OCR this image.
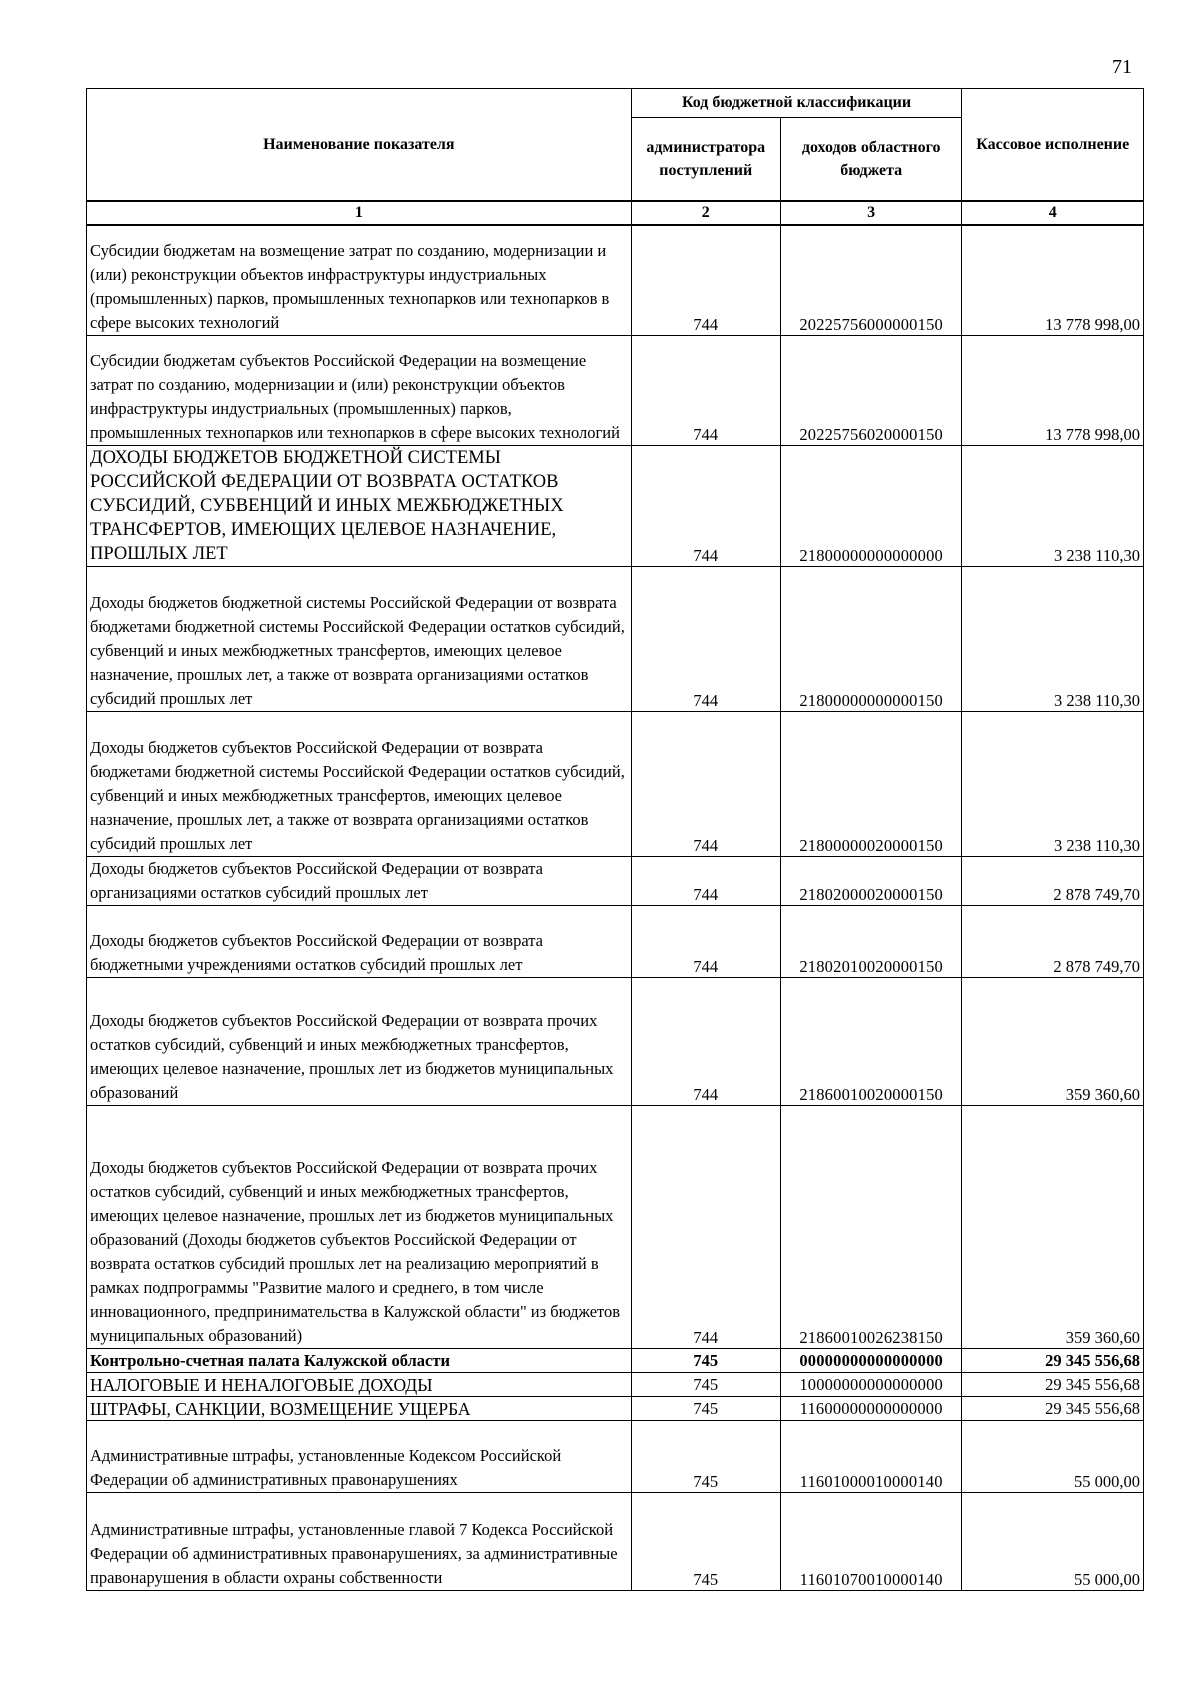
71
Наименование показателя	Код бюджетной классификации		Кассовое исполнение
	администратора поступлений	доходов областного бюджета	
1	2	3	4
Субсидии бюджетам на возмещение затрат по созданию, модернизации и (или) реконструкции объектов инфраструктуры индустриальных (промышленных) парков, промышленных технопарков или технопарков в сфере высоких технологий	744	20225756000000150	13 778 998,00
Субсидии бюджетам субъектов Российской Федерации на возмещение затрат по созданию, модернизации и (или) реконструкции объектов инфраструктуры индустриальных (промышленных) парков, промышленных технопарков или технопарков в сфере высоких технологий	744	20225756020000150	13 778 998,00
ДОХОДЫ БЮДЖЕТОВ БЮДЖЕТНОЙ СИСТЕМЫ РОССИЙСКОЙ ФЕДЕРАЦИИ ОТ ВОЗВРАТА ОСТАТКОВ СУБСИДИЙ, СУБВЕНЦИЙ И ИНЫХ МЕЖБЮДЖЕТНЫХ ТРАНСФЕРТОВ, ИМЕЮЩИХ ЦЕЛЕВОЕ НАЗНАЧЕНИЕ, ПРОШЛЫХ ЛЕТ	744	21800000000000000	3 238 110,30
Доходы бюджетов бюджетной системы Российской Федерации от возврата бюджетами бюджетной системы Российской Федерации остатков субсидий, субвенций и иных межбюджетных трансфертов, имеющих целевое назначение, прошлых лет, а также от возврата организациями остатков субсидий прошлых лет	744	21800000000000150	3 238 110,30
Доходы бюджетов субъектов Российской Федерации от возврата бюджетами бюджетной системы Российской Федерации остатков субсидий, субвенций и иных межбюджетных трансфертов, имеющих целевое назначение, прошлых лет, а также от возврата организациями остатков субсидий прошлых лет	744	21800000020000150	3 238 110,30
Доходы бюджетов субъектов Российской Федерации от возврата организациями остатков субсидий прошлых лет	744	21802000020000150	2 878 749,70
Доходы бюджетов субъектов Российской Федерации от возврата бюджетными учреждениями остатков субсидий прошлых лет	744	21802010020000150	2 878 749,70
Доходы бюджетов субъектов Российской Федерации от возврата прочих остатков субсидий, субвенций и иных межбюджетных трансфертов, имеющих целевое назначение, прошлых лет из бюджетов муниципальных образований	744	21860010020000150	359 360,60
Доходы бюджетов субъектов Российской Федерации от возврата прочих остатков субсидий, субвенций и иных межбюджетных трансфертов, имеющих целевое назначение, прошлых лет из бюджетов муниципальных образований (Доходы бюджетов субъектов Российской Федерации от возврата остатков субсидий прошлых лет на реализацию мероприятий в рамках подпрограммы "Развитие малого и среднего, в том числе инновационного, предпринимательства в Калужской области" из бюджетов муниципальных образований)	744	21860010026238150	359 360,60
Контрольно-счетная палата Калужской области	745	00000000000000000	29 345 556,68
НАЛОГОВЫЕ И НЕНАЛОГОВЫЕ ДОХОДЫ	745	10000000000000000	29 345 556,68
ШТРАФЫ, САНКЦИИ, ВОЗМЕЩЕНИЕ УЩЕРБА	745	11600000000000000	29 345 556,68
Административные штрафы, установленные Кодексом Российской Федерации об административных правонарушениях	745	11601000010000140	55 000,00
Административные штрафы, установленные главой 7 Кодекса Российской Федерации об административных правонарушениях, за административные правонарушения в области охраны собственности	745	11601070010000140	55 000,00
